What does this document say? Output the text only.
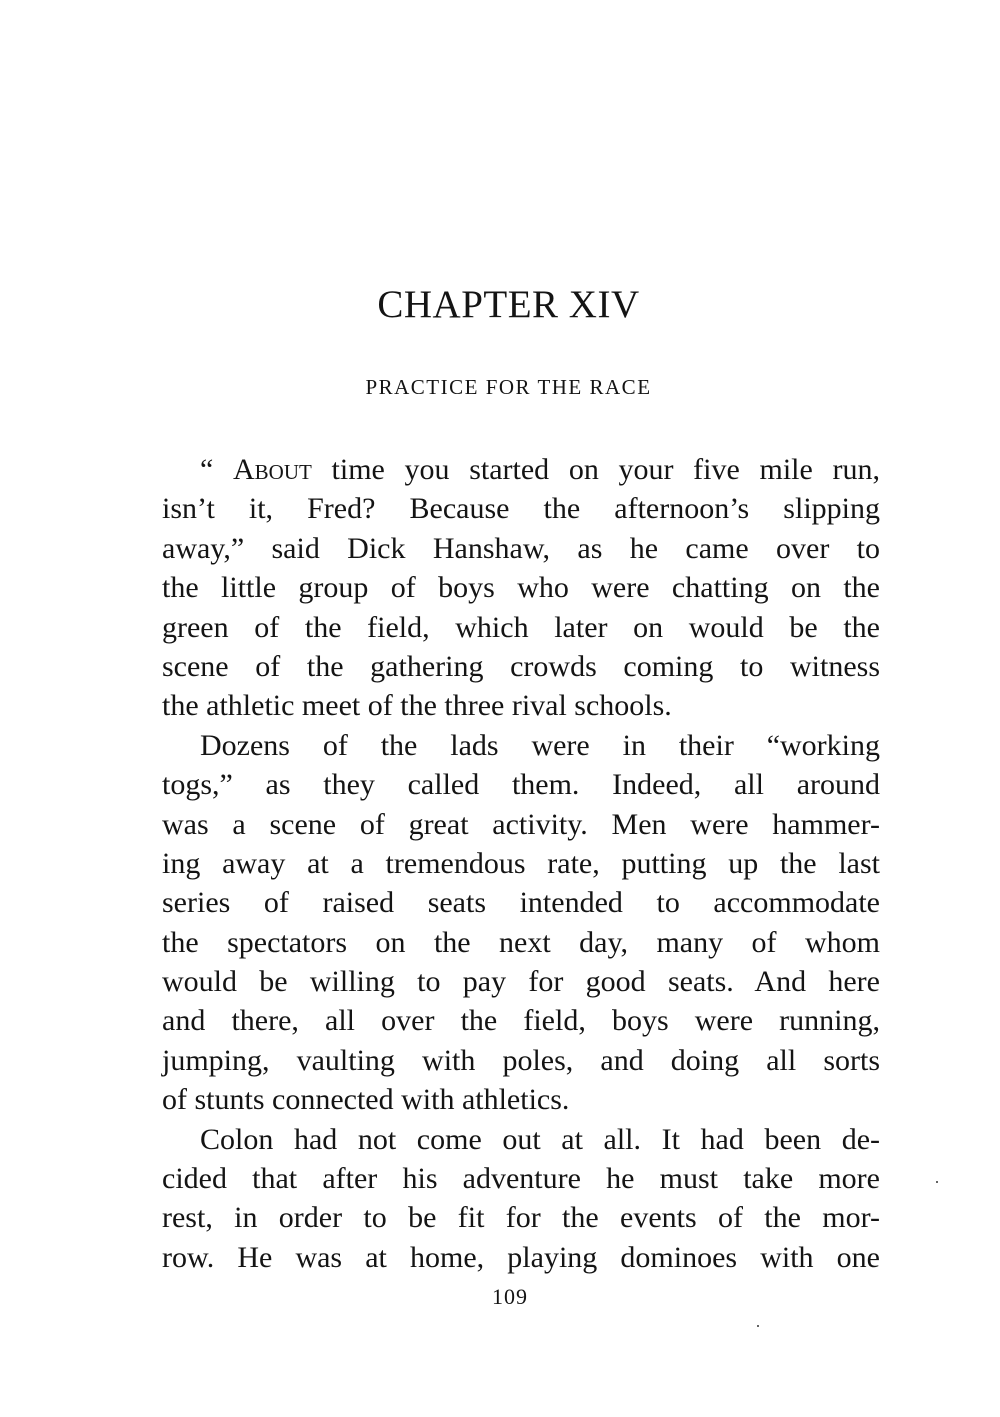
CHAPTER XIV
PRACTICE FOR THE RACE
“ About time you started on your five mile run,
isn’t it, Fred? Because the afternoon’s slipping
away,” said Dick Hanshaw, as he came over to
the little group of boys who were chatting on the
green of the field, which later on would be the
scene of the gathering crowds coming to witness
the athletic meet of the three rival schools.
Dozens of the lads were in their “working
togs,” as they called them. Indeed, all around
was a scene of great activity. Men were hammer-
ing away at a tremendous rate, putting up the last
series of raised seats intended to accommodate
the spectators on the next day, many of whom
would be willing to pay for good seats. And here
and there, all over the field, boys were running,
jumping, vaulting with poles, and doing all sorts
of stunts connected with athletics.
Colon had not come out at all. It had been de-
cided that after his adventure he must take more
rest, in order to be fit for the events of the mor-
row. He was at home, playing dominoes with one
109
